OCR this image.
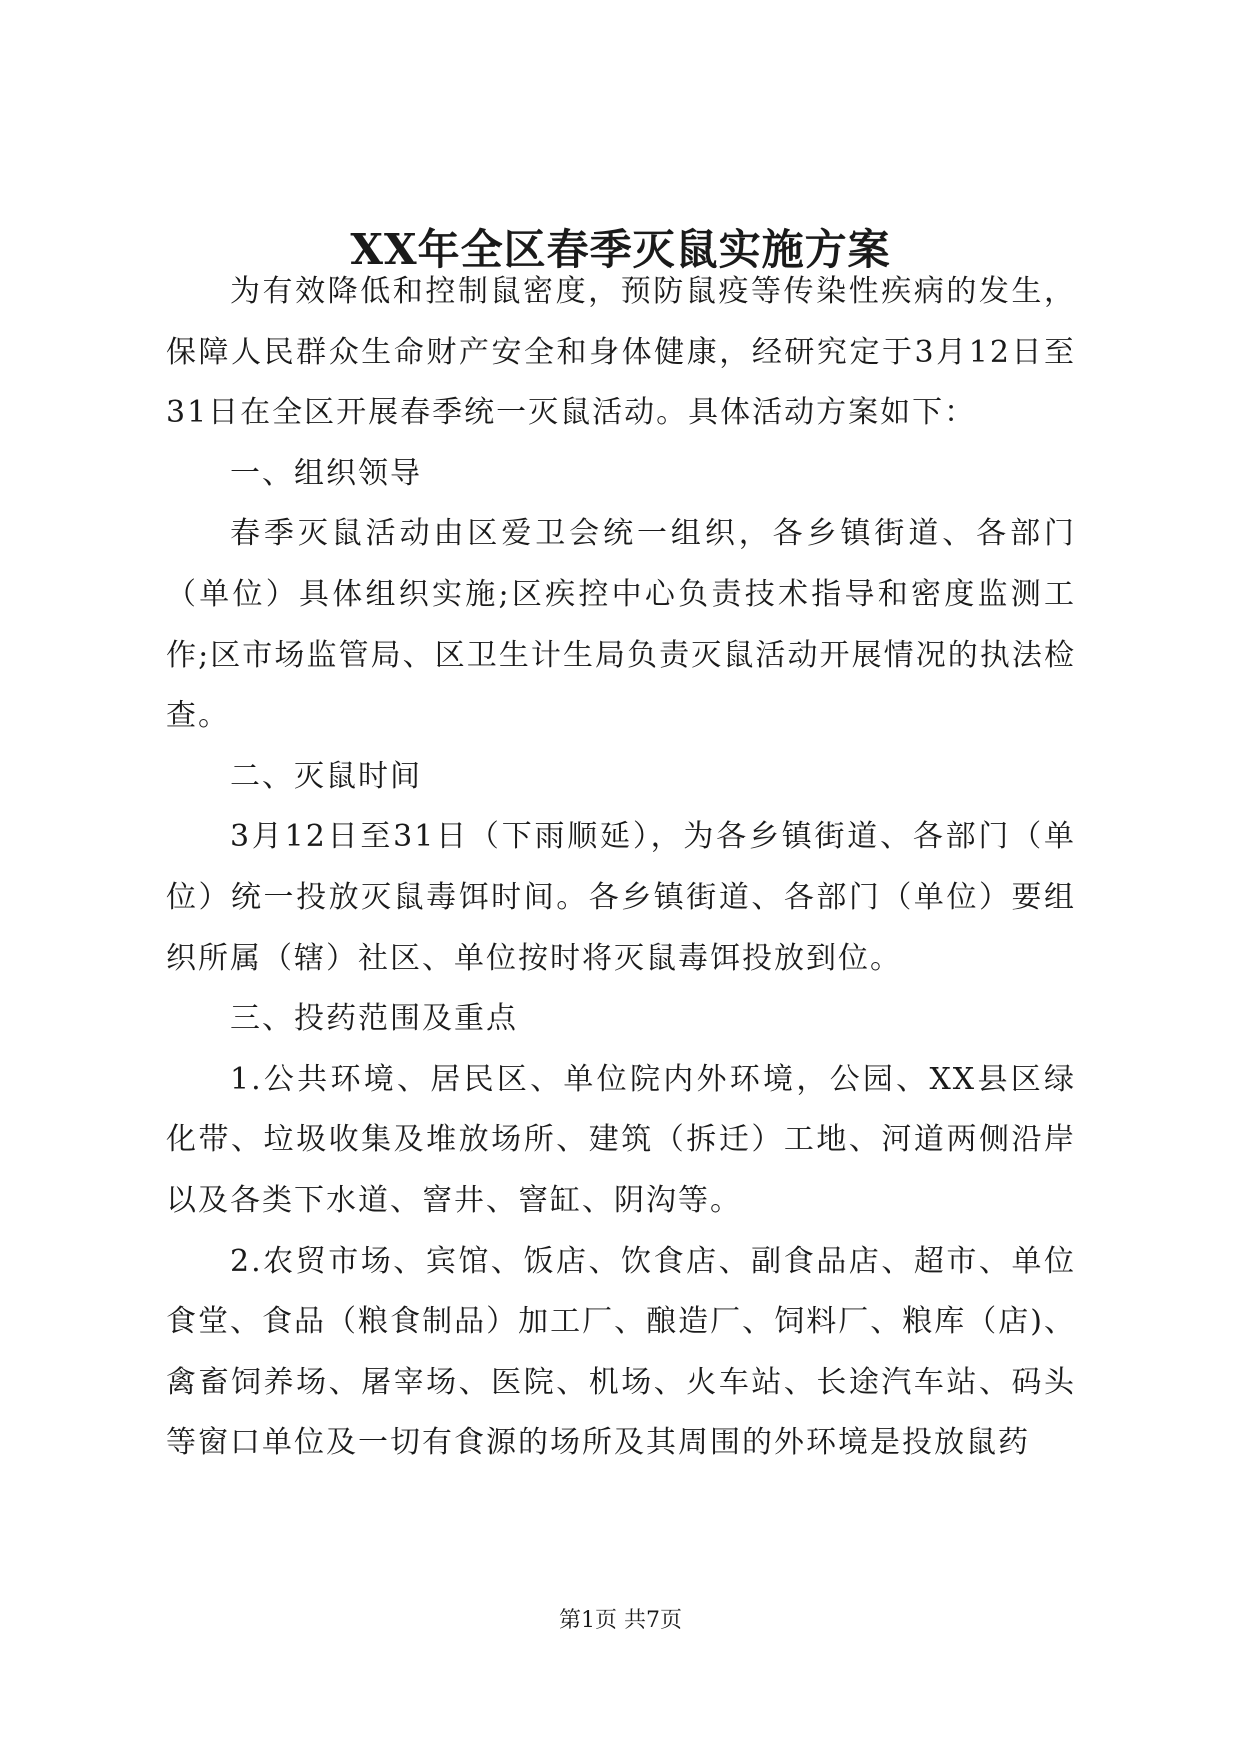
XX年全区春季灭鼠实施方案

为有效降低和控制鼠密度，预防鼠疫等传染性疾病的发生，保障人民群众生命财产安全和身体健康，经研究定于3月12日至31日在全区开展春季统一灭鼠活动。具体活动方案如下：

一、组织领导

春季灭鼠活动由区爱卫会统一组织，各乡镇街道、各部门（单位）具体组织实施;区疾控中心负责技术指导和密度监测工作;区市场监管局、区卫生计生局负责灭鼠活动开展情况的执法检查。

二、灭鼠时间

3月12日至31日（下雨顺延），为各乡镇街道、各部门（单位）统一投放灭鼠毒饵时间。各乡镇街道、各部门（单位）要组织所属（辖）社区、单位按时将灭鼠毒饵投放到位。

三、投药范围及重点

1.公共环境、居民区、单位院内外环境，公园、XX县区绿化带、垃圾收集及堆放场所、建筑（拆迁）工地、河道两侧沿岸以及各类下水道、窨井、窨缸、阴沟等。

2.农贸市场、宾馆、饭店、饮食店、副食品店、超市、单位食堂、食品（粮食制品）加工厂、酿造厂、饲料厂、粮库（店)、禽畜饲养场、屠宰场、医院、机场、火车站、长途汽车站、码头等窗口单位及一切有食源的场所及其周围的外环境是投放鼠药

第1页 共7页
